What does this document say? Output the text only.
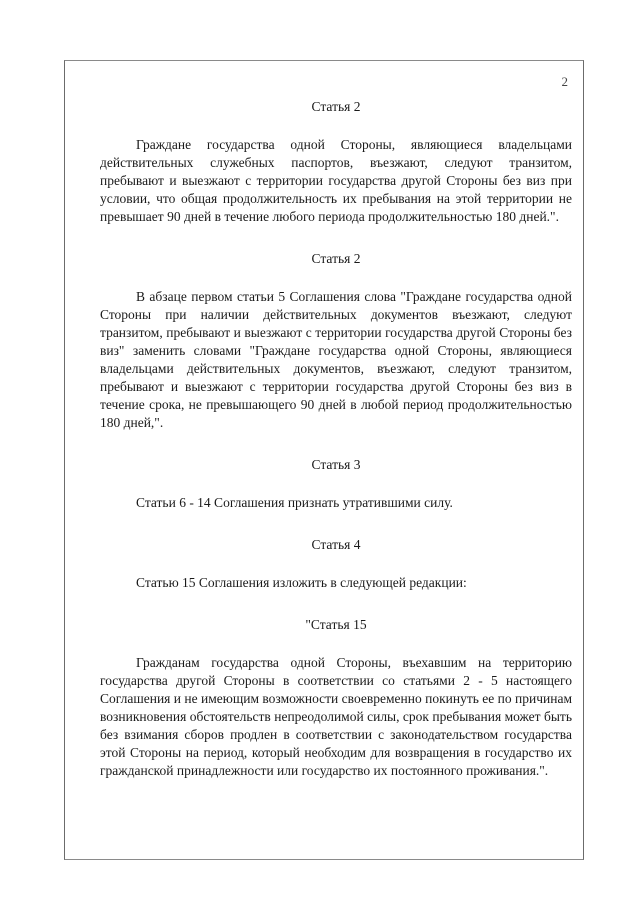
2

Статья 2

Граждане государства одной Стороны, являющиеся владельцами действительных служебных паспортов, въезжают, следуют транзитом, пребывают и выезжают с территории государства другой Стороны без виз при условии, что общая продолжительность их пребывания на этой территории не превышает 90 дней в течение любого периода продолжительностью 180 дней.".

Статья 2

В абзаце первом статьи 5 Соглашения слова "Граждане государства одной Стороны при наличии действительных документов въезжают, следуют транзитом, пребывают и выезжают с территории государства другой Стороны без виз" заменить словами "Граждане государства одной Стороны, являющиеся владельцами действительных документов, въезжают, следуют транзитом, пребывают и выезжают с территории государства другой Стороны без виз в течение срока, не превышающего 90 дней в любой период продолжительностью 180 дней,".

Статья 3

Статьи 6 - 14 Соглашения признать утратившими силу.

Статья 4

Статью 15 Соглашения изложить в следующей редакции:

"Статья 15

Гражданам государства одной Стороны, въехавшим на территорию государства другой Стороны в соответствии со статьями 2 - 5 настоящего Соглашения и не имеющим возможности своевременно покинуть ее по причинам возникновения обстоятельств непреодолимой силы, срок пребывания может быть без взимания сборов продлен в соответствии с законодательством государства этой Стороны на период, который необходим для возвращения в государство их гражданской принадлежности или государство их постоянного проживания.".
